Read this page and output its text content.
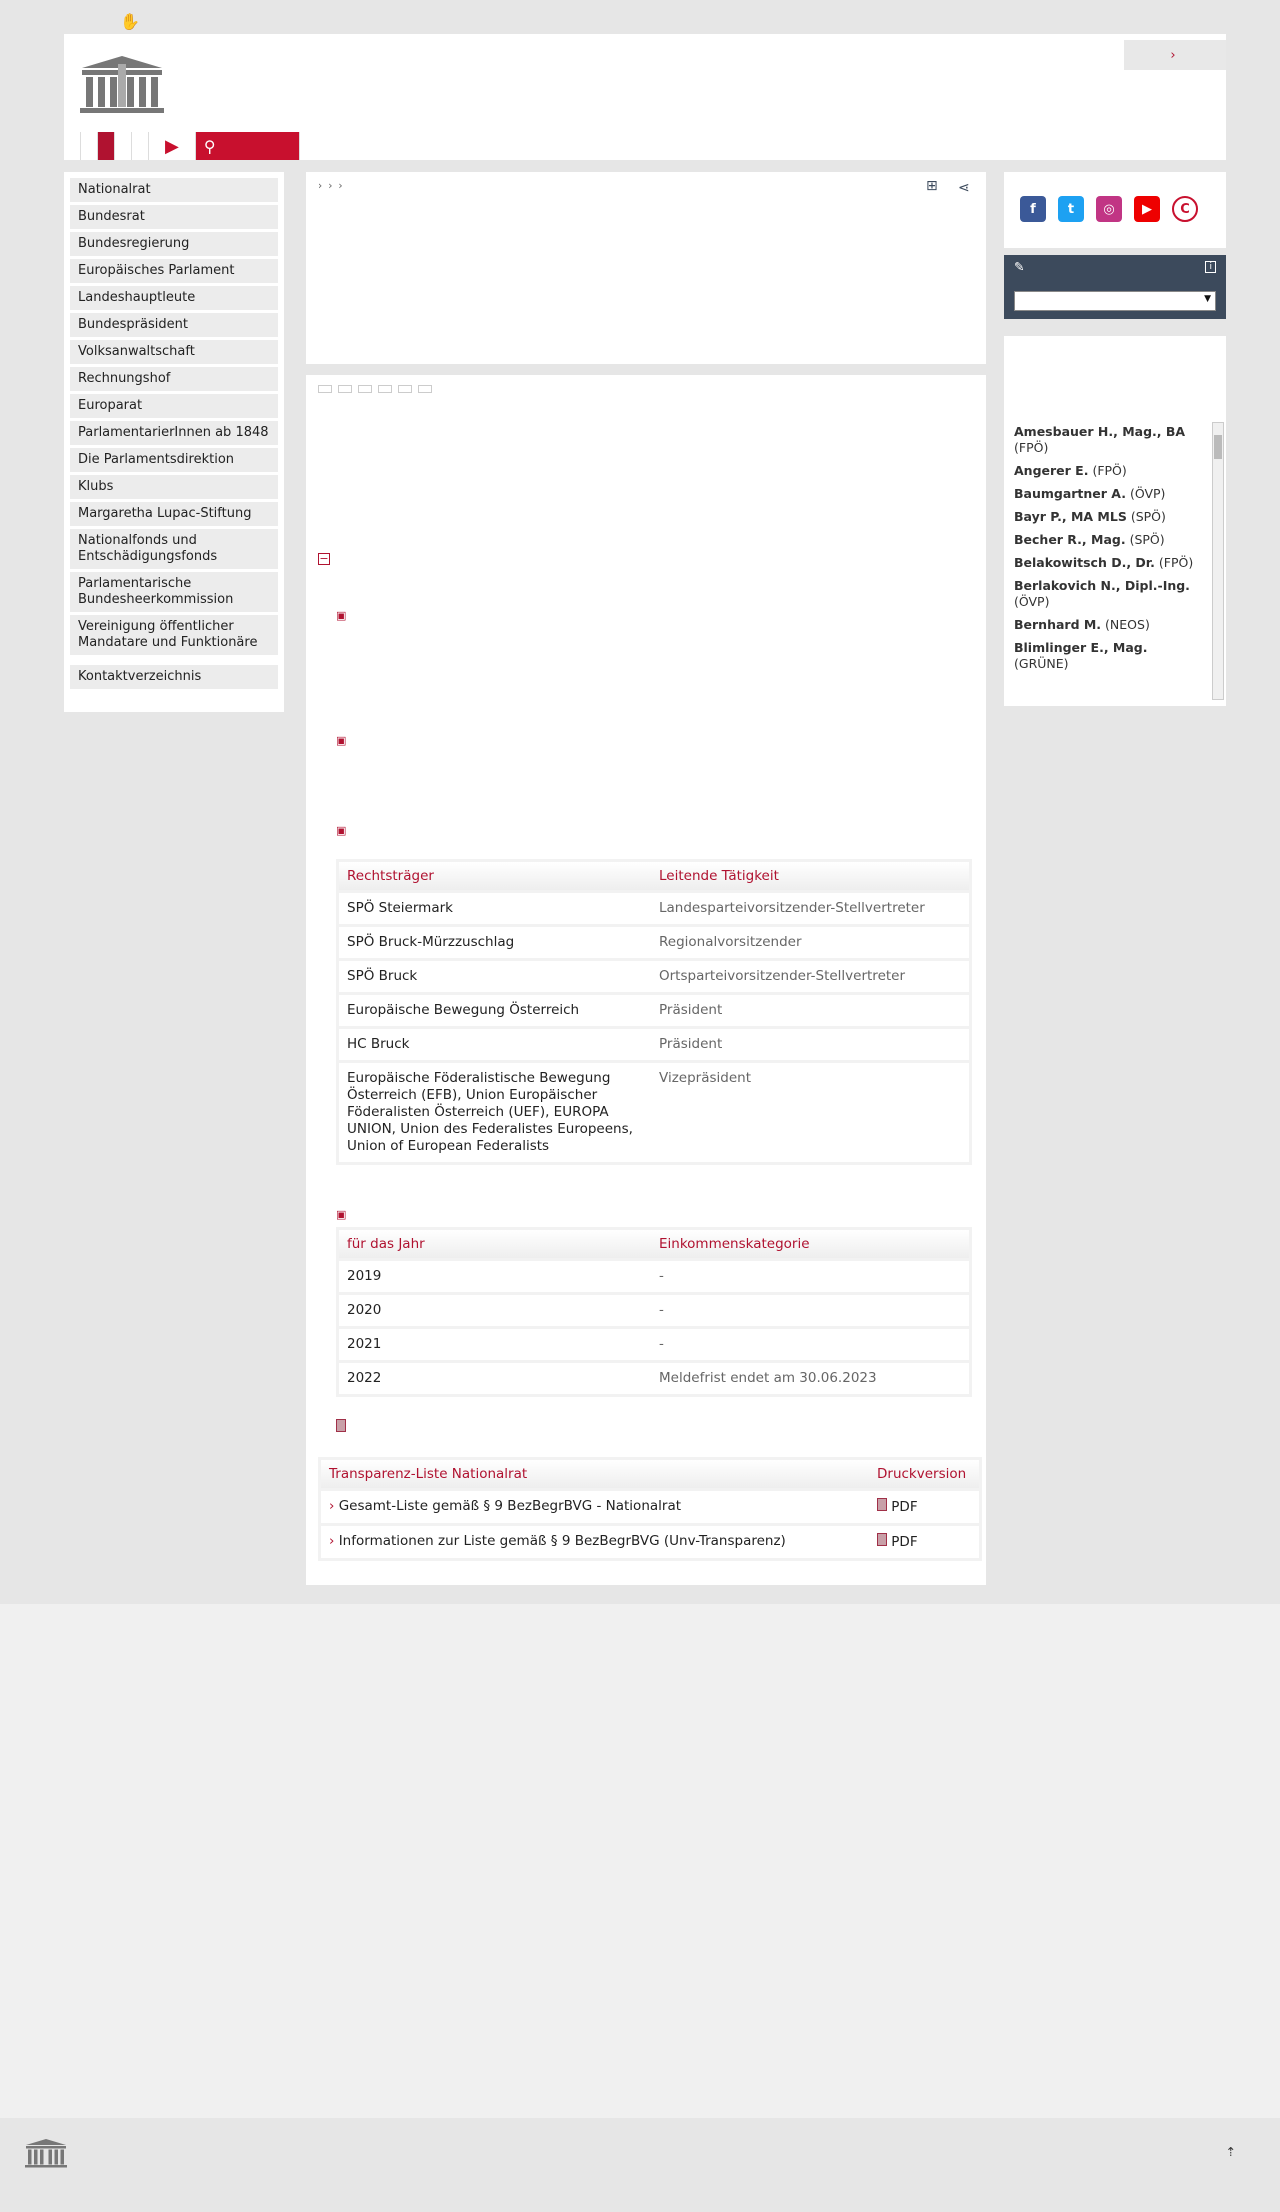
✋
›
▶ ⚲
Nationalrat
Bundesrat
Bundesregierung
Europäisches Parlament
Landeshauptleute
Bundespräsident
Volksanwaltschaft
Rechnungshof
Europarat
ParlamentarierInnen ab 1848
Die Parlamentsdirektion
Klubs
Margaretha Lupac-Stiftung
Nationalfonds und Entschädigungsfonds
Parlamentarische Bundesheerkommission
Vereinigung öffentlicher Mandatare und Funktionäre
Kontaktverzeichnis
› › ›	⊞ ⋖

−
▣
▣
▣
Rechtsträger	Leitende Tätigkeit
SPÖ Steiermark	Landesparteivorsitzender-Stellvertreter
SPÖ Bruck-Mürzzuschlag	Regionalvorsitzender
SPÖ Bruck	Ortsparteivorsitzender-Stellvertreter
Europäische Bewegung Österreich	Präsident
HC Bruck	Präsident
Europäische Föderalistische Bewegung Österreich (EFB), Union Europäischer Föderalisten Österreich (UEF), EUROPA UNION, Union des Federalistes Europeens, Union of European Federalists	Vizepräsident
▣
für das Jahr	Einkommenskategorie
2019	-
2020	-
2021	-
2022	Meldefrist endet am 30.06.2023
Transparenz-Liste Nationalrat	Druckversion
› Gesamt-Liste gemäß § 9 BezBegrBVG - Nationalrat	PDF
› Informationen zur Liste gemäß § 9 BezBegrBVG (Unv-Transparenz)	PDF
f	t	◎	▶	C
✎	i
▼
Amesbauer H., Mag., BA (FPÖ)
Angerer E. (FPÖ)
Baumgartner A. (ÖVP)
Bayr P., MA MLS (SPÖ)
Becher R., Mag. (SPÖ)
Belakowitsch D., Dr. (FPÖ)
Berlakovich N., Dipl.-Ing. (ÖVP)
Bernhard M. (NEOS)
Blimlinger E., Mag. (GRÜNE)
⇡
